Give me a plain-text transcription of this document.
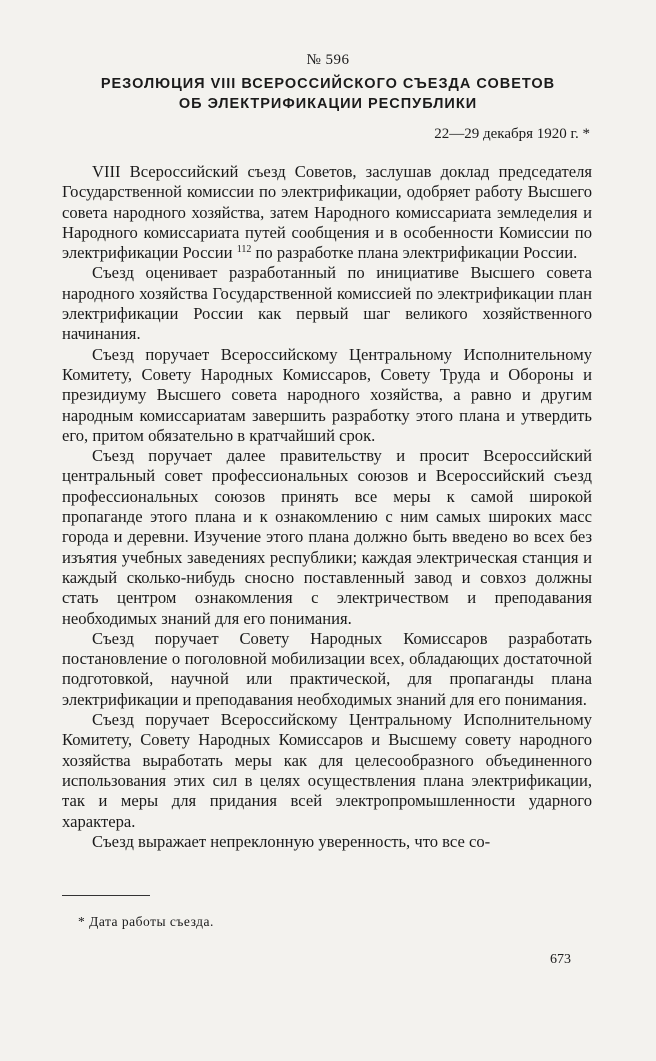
№ 596
РЕЗОЛЮЦИЯ VIII ВСЕРОССИЙСКОГО СЪЕЗДА СОВЕТОВ
ОБ ЭЛЕКТРИФИКАЦИИ РЕСПУБЛИКИ
22—29 декабря 1920 г. *

VIII Всероссийский съезд Советов, заслушав доклад председателя Государственной комиссии по электрификации, одобряет работу Высшего совета народного хозяйства, затем Народного комиссариата земледелия и Народного комиссариата путей сообщения и в особенности Комиссии по электрификации России $^{112}$ по разработке плана электрификации России.

Съезд оценивает разработанный по инициативе Высшего совета народного хозяйства Государственной комиссией по электрификации план электрификации России как первый шаг великого хозяйственного начинания.

Съезд поручает Всероссийскому Центральному Исполнительному Комитету, Совету Народных Комиссаров, Совету Труда и Обороны и президиуму Высшего совета народного хозяйства, а равно и другим народным комиссариатам завершить разработку этого плана и утвердить его, притом обязательно в кратчайший срок.

Съезд поручает далее правительству и просит Всероссийский центральный совет профессиональных союзов и Всероссийский съезд профессиональных союзов принять все меры к самой широкой пропаганде этого плана и к ознакомлению с ним самых широких масс города и деревни. Изучение этого плана должно быть введено во всех без изъятия учебных заведениях республики; каждая электрическая станция и каждый сколько-нибудь сносно поставленный завод и совхоз должны стать центром ознакомления с электричеством и преподавания необходимых знаний для его понимания.

Съезд поручает Совету Народных Комиссаров разработать постановление о поголовной мобилизации всех, обладающих достаточной подготовкой, научной или практической, для пропаганды плана электрификации и преподавания необходимых знаний для его понимания.

Съезд поручает Всероссийскому Центральному Исполнительному Комитету, Совету Народных Комиссаров и Высшему совету народного хозяйства выработать меры как для целесообразного объединенного использования этих сил в целях осуществления плана электрификации, так и меры для придания всей электропромышленности ударного характера.

Съезд выражает непреклонную уверенность, что все со-

* Дата работы съезда.
673
